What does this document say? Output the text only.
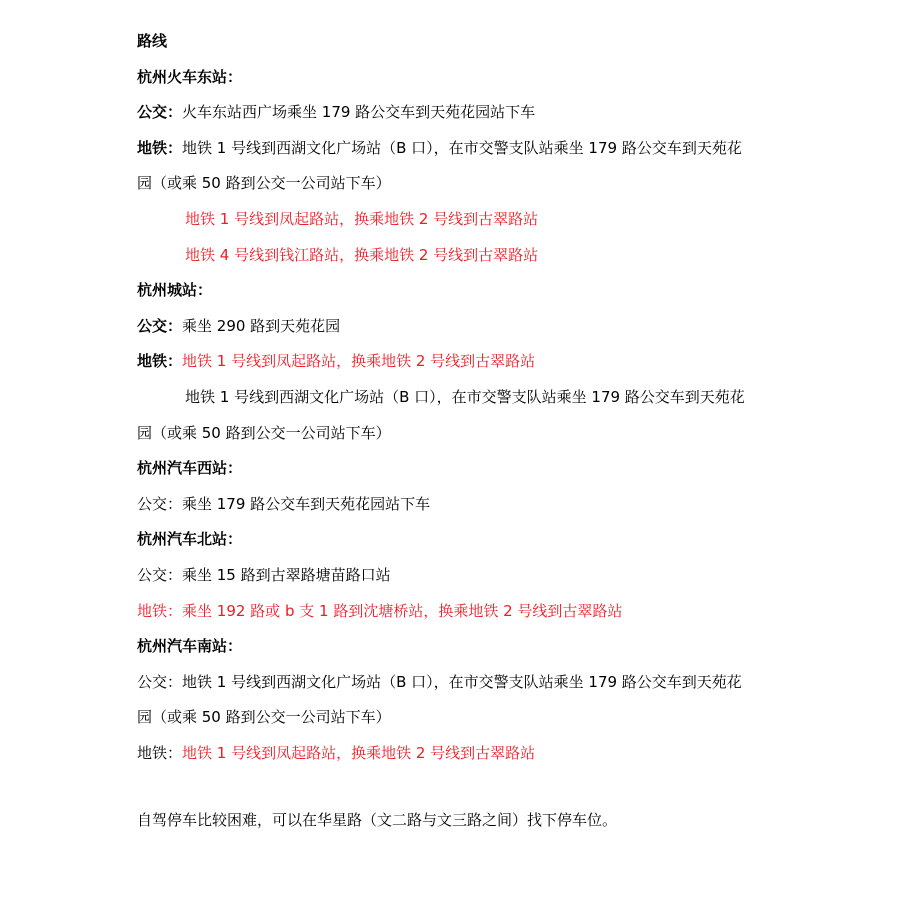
路线
杭州火车东站：
公交：火车东站西广场乘坐 179 路公交车到天苑花园站下车
地铁：地铁 1 号线到西湖文化广场站（B 口），在市交警支队站乘坐 179 路公交车到天苑花
园（或乘 50 路到公交一公司站下车）
地铁 1 号线到凤起路站，换乘地铁 2 号线到古翠路站
地铁 4 号线到钱江路站，换乘地铁 2 号线到古翠路站
杭州城站：
公交：乘坐 290 路到天苑花园
地铁：地铁 1 号线到凤起路站，换乘地铁 2 号线到古翠路站
地铁 1 号线到西湖文化广场站（B 口），在市交警支队站乘坐 179 路公交车到天苑花
园（或乘 50 路到公交一公司站下车）
杭州汽车西站：
公交：乘坐 179 路公交车到天苑花园站下车
杭州汽车北站：
公交：乘坐 15 路到古翠路塘苗路口站
地铁：乘坐 192 路或 b 支 1 路到沈塘桥站，换乘地铁 2 号线到古翠路站
杭州汽车南站：
公交：地铁 1 号线到西湖文化广场站（B 口），在市交警支队站乘坐 179 路公交车到天苑花
园（或乘 50 路到公交一公司站下车）
地铁：地铁 1 号线到凤起路站，换乘地铁 2 号线到古翠路站
自驾停车比较困难，可以在华星路（文二路与文三路之间）找下停车位。
